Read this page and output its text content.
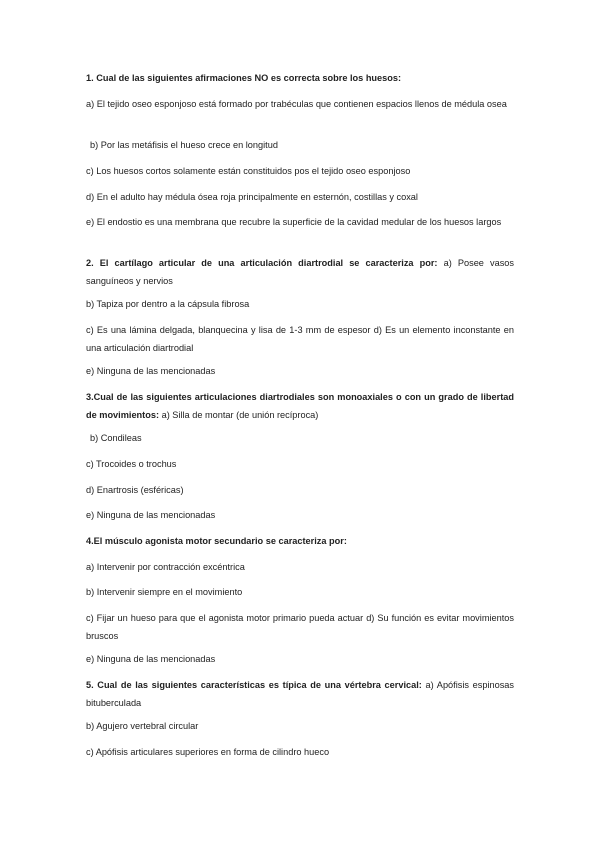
1. Cual de las siguientes afirmaciones NO es correcta sobre los huesos:
a) El tejido oseo esponjoso está formado por trabéculas que contienen espacios llenos de médula osea
b) Por las metáfisis el hueso crece en longitud
c) Los huesos cortos solamente están constituidos pos el tejido oseo esponjoso
d) En el adulto hay médula ósea roja principalmente en esternón, costillas y coxal
e) El endostio es una membrana que recubre la superficie de la cavidad medular de los huesos largos
2. El cartílago articular de una articulación diartrodial se caracteriza por: a) Posee vasos sanguíneos y nervios
b) Tapiza por dentro a la cápsula fibrosa
c) Es una lámina delgada, blanquecina y lisa de 1-3 mm de espesor d) Es un elemento inconstante en una articulación diartrodial
e) Ninguna de las mencionadas
3.Cual de las siguientes articulaciones diartrodiales son monoaxiales o con un grado de libertad de movimientos: a) Silla de montar (de unión recíproca)
b) Condileas
c) Trocoides o trochus
d) Enartrosis (esféricas)
e) Ninguna de las mencionadas
4.El músculo agonista motor secundario se caracteriza por:
a) Intervenir por contracción excéntrica
b) Intervenir siempre en el movimiento
c) Fijar un hueso para que el agonista motor primario pueda actuar d) Su función es evitar movimientos bruscos
e) Ninguna de las mencionadas
5. Cual de las siguientes características es típica de una vértebra cervical: a) Apófisis espinosas bituberculada
b) Agujero vertebral circular
c) Apófisis articulares superiores en forma de cilindro hueco
